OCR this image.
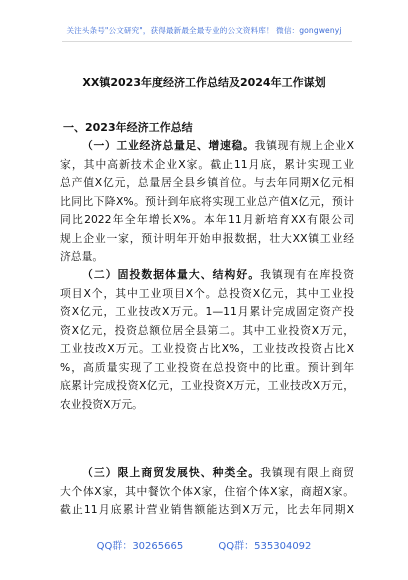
关注头条号"公文研究"，获得最新最全最专业的公文资料库！ 微信：gongwenyj
XX镇2023年度经济工作总结及2024年工作谋划
一、2023年经济工作总结
（一）工业经济总量足、增速稳。我镇现有规上企业X
家，其中高新技术企业X家。截止11月底，累计实现工业
总产值X亿元，总量居全县乡镇首位。与去年同期X亿元相
比同比下降X%。预计到年底将实现工业总产值X亿元，预计
同比2022年全年增长X%。本年11月新培育XX有限公司
规上企业一家，预计明年开始申报数据，壮大XX镇工业经
济总量。
（二）固投数据体量大、结构好。我镇现有在库投资
项目X个，其中工业项目X个。总投资X亿元，其中工业投
资X亿元，工业技改X万元。1—11月累计完成固定资产投
资X亿元，投资总额位居全县第二。其中工业投资X万元，
工业技改X万元。工业投资占比X%，工业技改投资占比X
%，高质量实现了工业投资在总投资中的比重。预计到年
底累计完成投资X亿元，工业投资X万元，工业技改X万元，
农业投资X万元。
（三）限上商贸发展快、种类全。我镇现有限上商贸
大个体X家，其中餐饮个体X家，住宿个体X家，商超X家。
截止11月底累计营业销售额能达到X万元，比去年同期X
QQ群：30265665	QQ群：535304092
